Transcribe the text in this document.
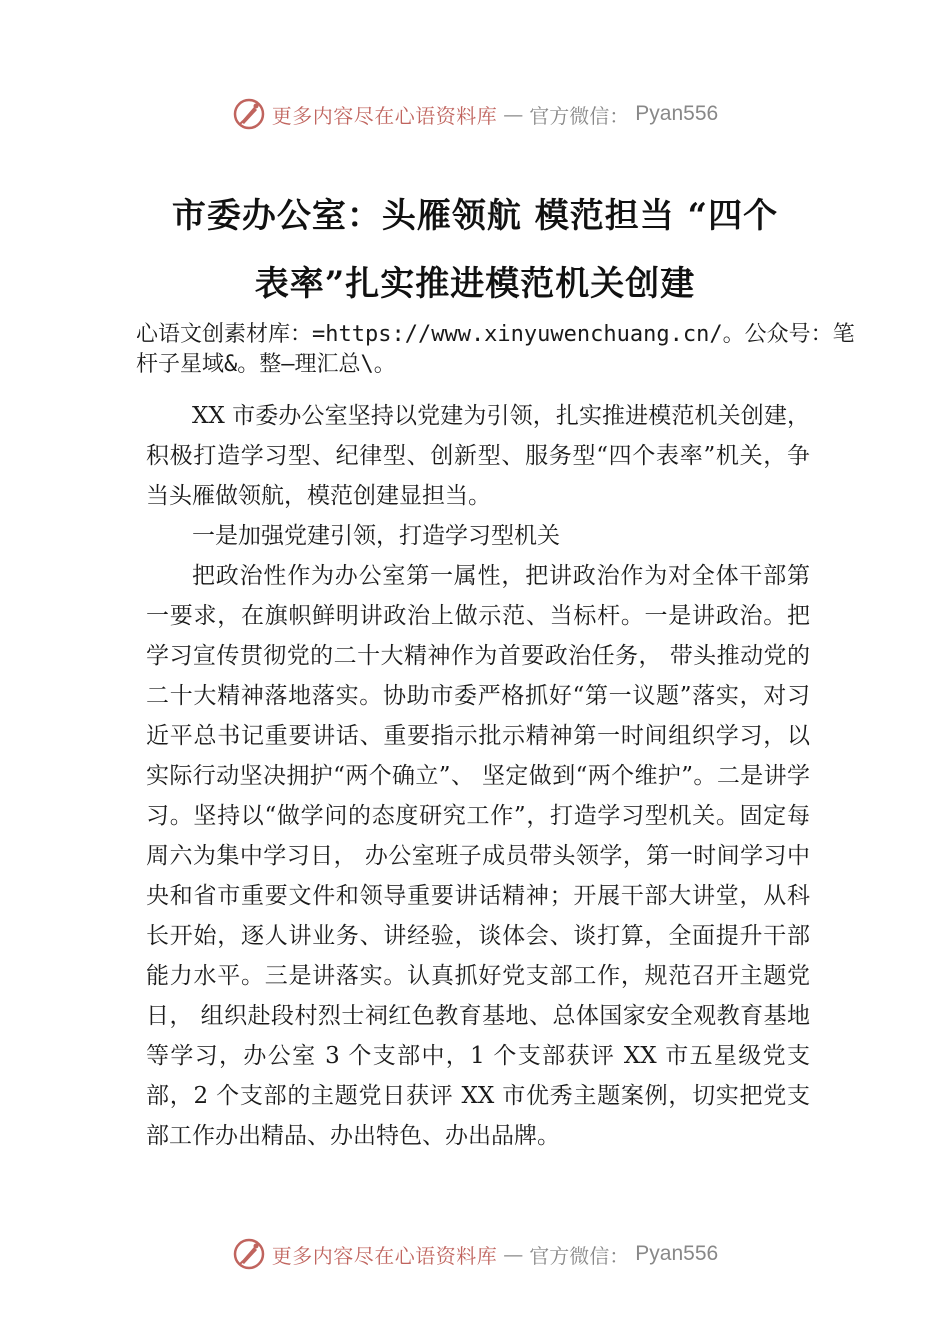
更多内容尽在心语资料库 — 官方微信： Pyan556
市委办公室：头雁领航 模范担当 “四个
表率”扎实推进模范机关创建
心语文创素材库：=https://www.xinyuwenchuang.cn/。公众号：笔杆子星域&。整—理汇总\。

XX 市委办公室坚持以党建为引领，扎实推进模范机关创建，积极打造学习型、纪律型、创新型、服务型“四个表率”机关，争当头雁做领航，模范创建显担当。

一是加强党建引领，打造学习型机关

把政治性作为办公室第一属性，把讲政治作为对全体干部第一要求，在旗帜鲜明讲政治上做示范、当标杆。一是讲政治。把学习宣传贯彻党的二十大精神作为首要政治任务， 带头推动党的二十大精神落地落实。协助市委严格抓好“第一议题”落实，对习近平总书记重要讲话、重要指示批示精神第一时间组织学习，以实际行动坚决拥护“两个确立”、 坚定做到“两个维护”。二是讲学习。坚持以“做学问的态度研究工作”，打造学习型机关。固定每周六为集中学习日， 办公室班子成员带头领学，第一时间学习中央和省市重要文件和领导重要讲话精神；开展干部大讲堂，从科长开始，逐人讲业务、讲经验，谈体会、谈打算，全面提升干部能力水平。三是讲落实。认真抓好党支部工作，规范召开主题党日， 组织赴段村烈士祠红色教育基地、总体国家安全观教育基地等学习，办公室 3 个支部中，1 个支部获评 XX 市五星级党支部，2 个支部的主题党日获评 XX 市优秀主题案例，切实把党支部工作办出精品、办出特色、办出品牌。

更多内容尽在心语资料库 — 官方微信： Pyan556
